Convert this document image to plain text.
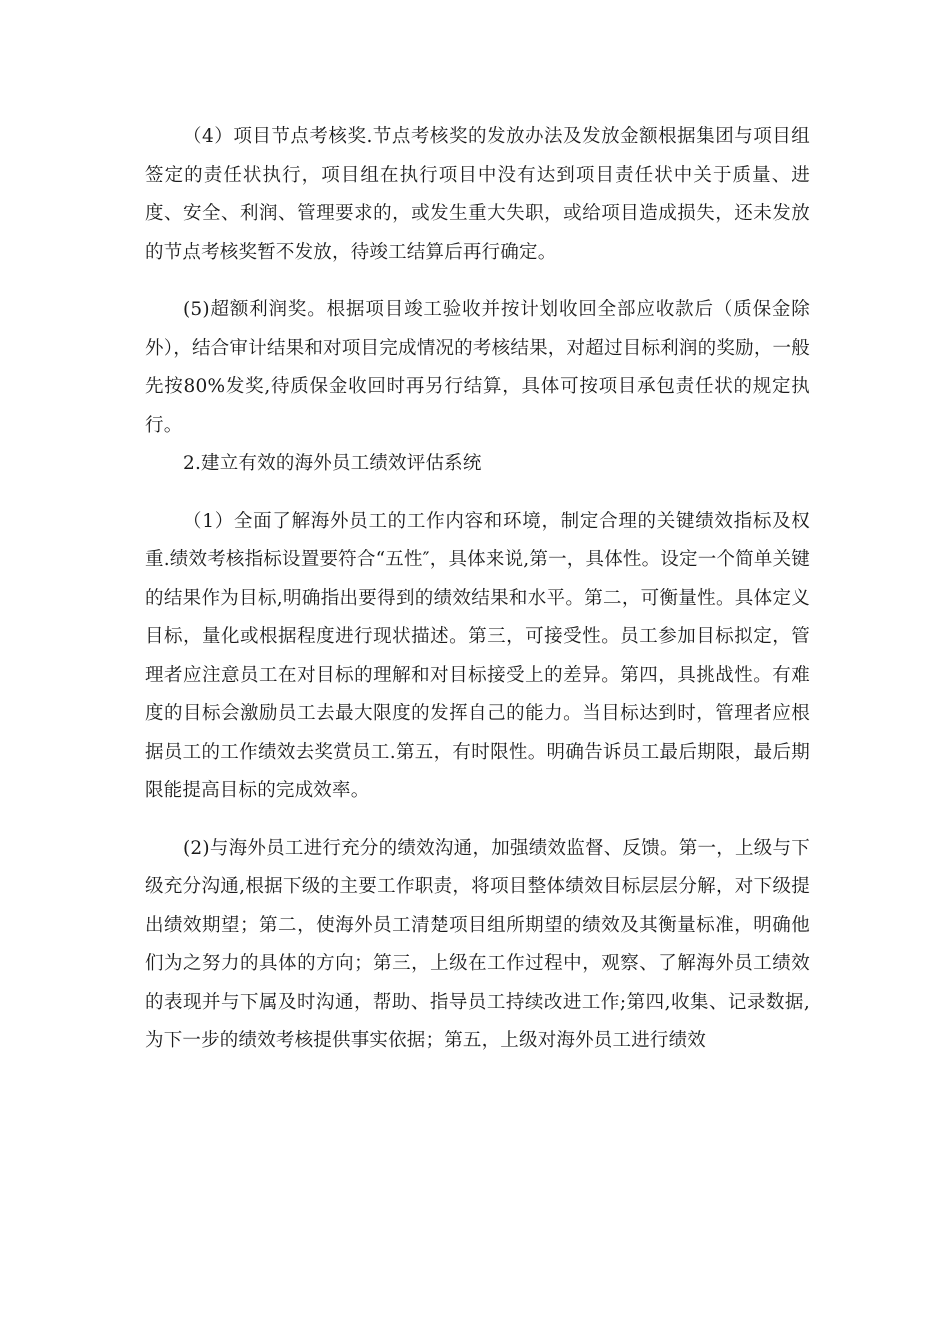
（4）项目节点考核奖.节点考核奖的发放办法及发放金额根据集团与项目组签定的责任状执行，项目组在执行项目中没有达到项目责任状中关于质量、进度、安全、利润、管理要求的，或发生重大失职，或给项目造成损失，还未发放的节点考核奖暂不发放，待竣工结算后再行确定。

(5)超额利润奖。根据项目竣工验收并按计划收回全部应收款后（质保金除外），结合审计结果和对项目完成情况的考核结果，对超过目标利润的奖励，一般先按80%发奖,待质保金收回时再另行结算，具体可按项目承包责任状的规定执行。

2.建立有效的海外员工绩效评估系统

（1）全面了解海外员工的工作内容和环境，制定合理的关键绩效指标及权重.绩效考核指标设置要符合“五性″，具体来说,第一，具体性。设定一个简单关键的结果作为目标,明确指出要得到的绩效结果和水平。第二，可衡量性。具体定义目标，量化或根据程度进行现状描述。第三，可接受性。员工参加目标拟定，管理者应注意员工在对目标的理解和对目标接受上的差异。第四，具挑战性。有难度的目标会激励员工去最大限度的发挥自己的能力。当目标达到时，管理者应根据员工的工作绩效去奖赏员工.第五，有时限性。明确告诉员工最后期限，最后期限能提高目标的完成效率。

(2)与海外员工进行充分的绩效沟通，加强绩效监督、反馈。第一，上级与下级充分沟通,根据下级的主要工作职责，将项目整体绩效目标层层分解，对下级提出绩效期望；第二，使海外员工清楚项目组所期望的绩效及其衡量标准，明确他们为之努力的具体的方向；第三，上级在工作过程中，观察、了解海外员工绩效的表现并与下属及时沟通，帮助、指导员工持续改进工作;第四,收集、记录数据,为下一步的绩效考核提供事实依据；第五，上级对海外员工进行绩效
